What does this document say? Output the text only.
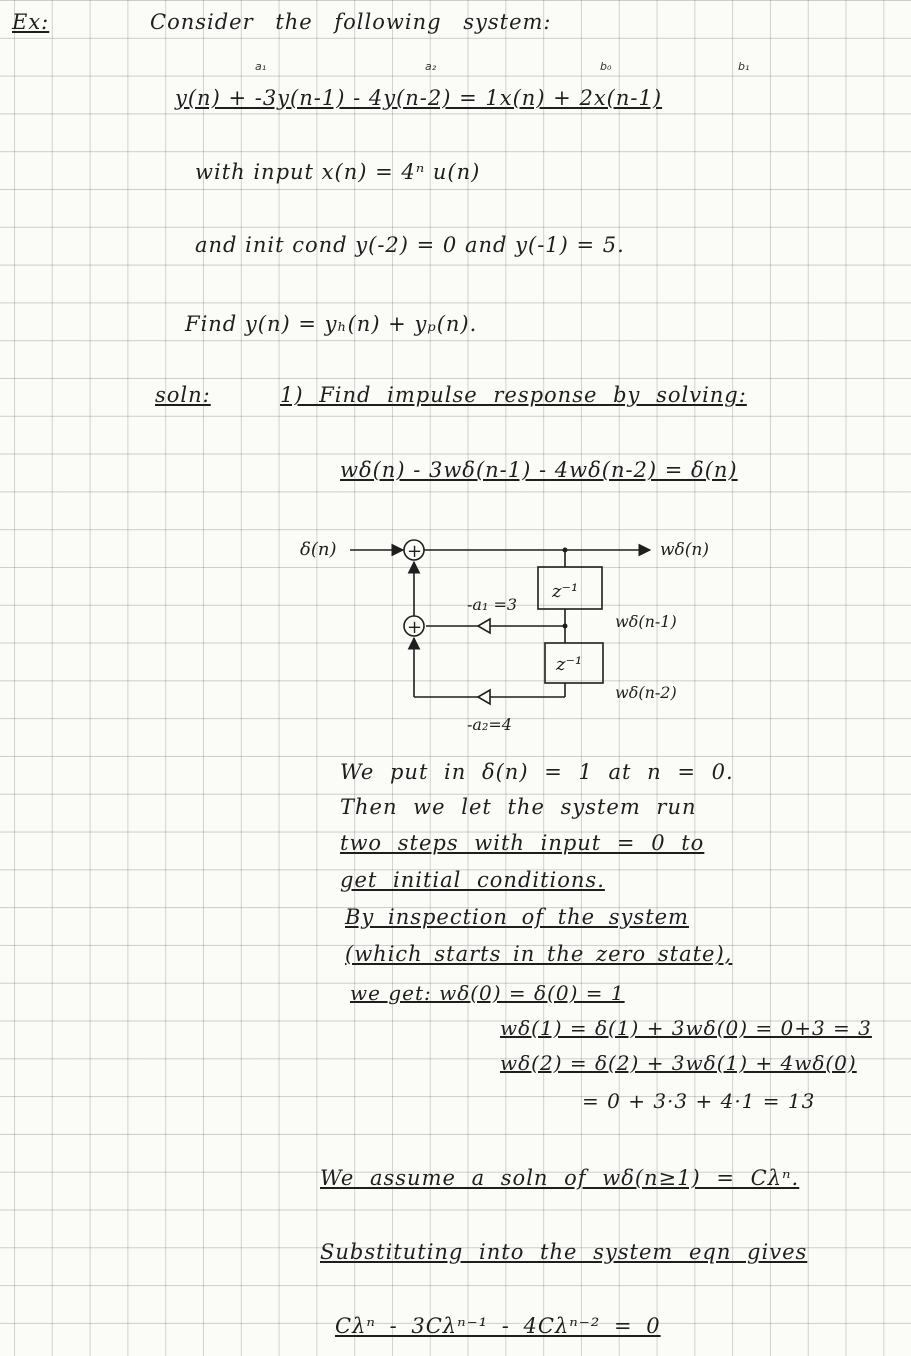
Ex:	Consider the following system:
a₁	a₂	b₀	b₁
y(n) + -3y(n-1) - 4y(n-2) = 1x(n) + 2x(n-1)
with input x(n) = 4ⁿ u(n)
and init cond y(-2) = 0 and y(-1) = 5.
Find y(n) = yₕ(n) + yₚ(n).
soln:	1) Find impulse response by solving:
wδ(n) - 3wδ(n-1) - 4wδ(n-2) = δ(n)
+
+
δ(n)	wδ(n)
z⁻¹
z⁻¹
wδ(n-1)
wδ(n-2)
-a₁ =3
-a₂=4
We put in δ(n) = 1 at n = 0.
Then we let the system run
two steps with input = 0 to
get initial conditions.
By inspection of the system
(which starts in the zero state),
we get: wδ(0) = δ(0) = 1
wδ(1) = δ(1) + 3wδ(0) = 0+3 = 3
wδ(2) = δ(2) + 3wδ(1) + 4wδ(0)
= 0 + 3·3 + 4·1 = 13
We assume a soln of wδ(n≥1) = Cλⁿ.
Substituting into the system eqn gives
Cλⁿ - 3Cλⁿ⁻¹ - 4Cλⁿ⁻² = 0
